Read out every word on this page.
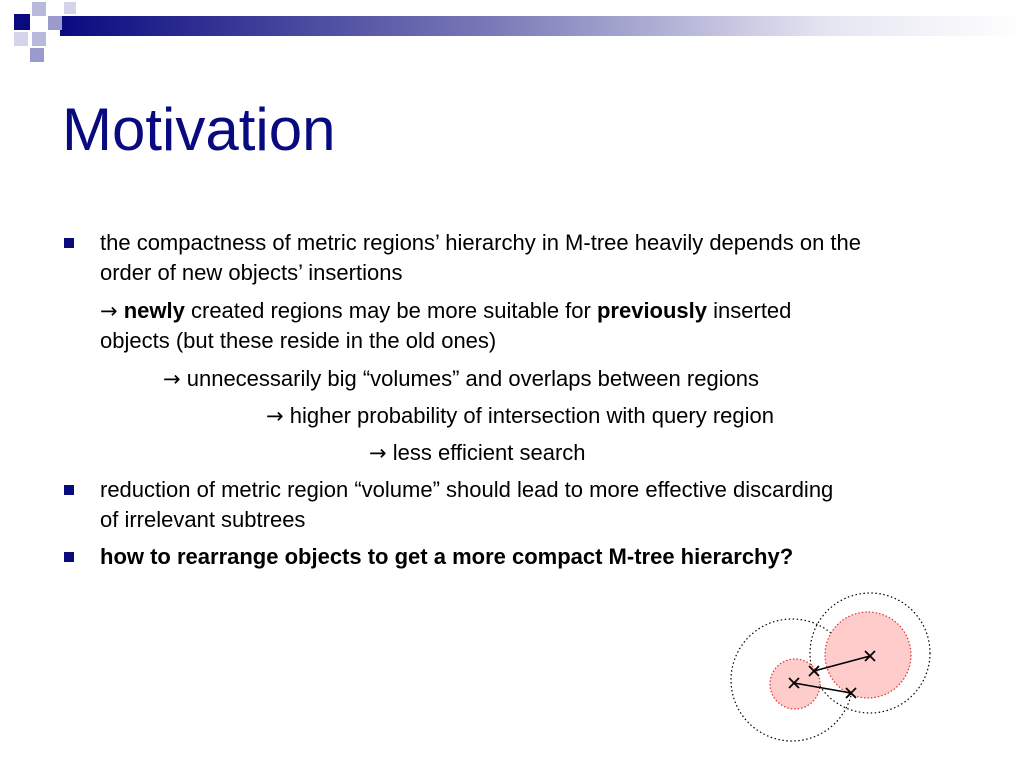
Motivation
the compactness of metric regions’ hierarchy in M-tree heavily depends on the
order of new objects’ insertions
→ newly created regions may be more suitable for previously inserted
objects (but these reside in the old ones)
→ unnecessarily big “volumes” and overlaps between regions
→ higher probability of intersection with query region
→ less efficient search
reduction of metric region “volume” should lead to more effective discarding
of irrelevant subtrees
how to rearrange objects to get a more compact M-tree hierarchy?
